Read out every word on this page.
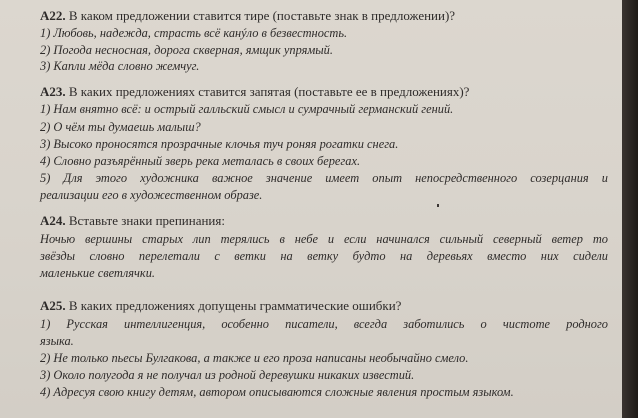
А22. В каком предложении ставится тире (поставьте знак в предложении)?
1) Любовь, надежда, страсть всё канýло в безвестность.
2) Погода несносная, дорога скверная, ямщик упрямый.
3) Капли мёда словно жемчуг.
А23. В каких предложениях ставится запятая (поставьте ее в предложениях)?
1) Нам внятно всё: и острый галльский смысл и сумрачный германский гений.
2) О чём ты думаешь малыш?
3) Высоко проносятся прозрачные клочья туч роняя рогатки снега.
4) Словно разъярённый зверь река металась в своих берегах.
5) Для этого художника важное значение имеет опыт непосредственного созерцания и
реализации его в художественном образе.
А24. Вставьте знаки препинания:
Ночью вершины старых лип терялись в небе и если начинался сильный северный ветер то
звёзды словно перелетали с ветки на ветку будто на деревьях вместо них сидели
маленькие светлячки.
А25. В каких предложениях допущены грамматические ошибки?
1) Русская интеллигенция, особенно писатели, всегда заботились о чистоте родного
языка.
2) Не только пьесы Булгакова, а также и его проза написаны необычайно смело.
3) Около полугода я не получал из родной деревушки никаких известий.
4) Адресуя свою книгу детям, автором описываются сложные явления простым языком.
